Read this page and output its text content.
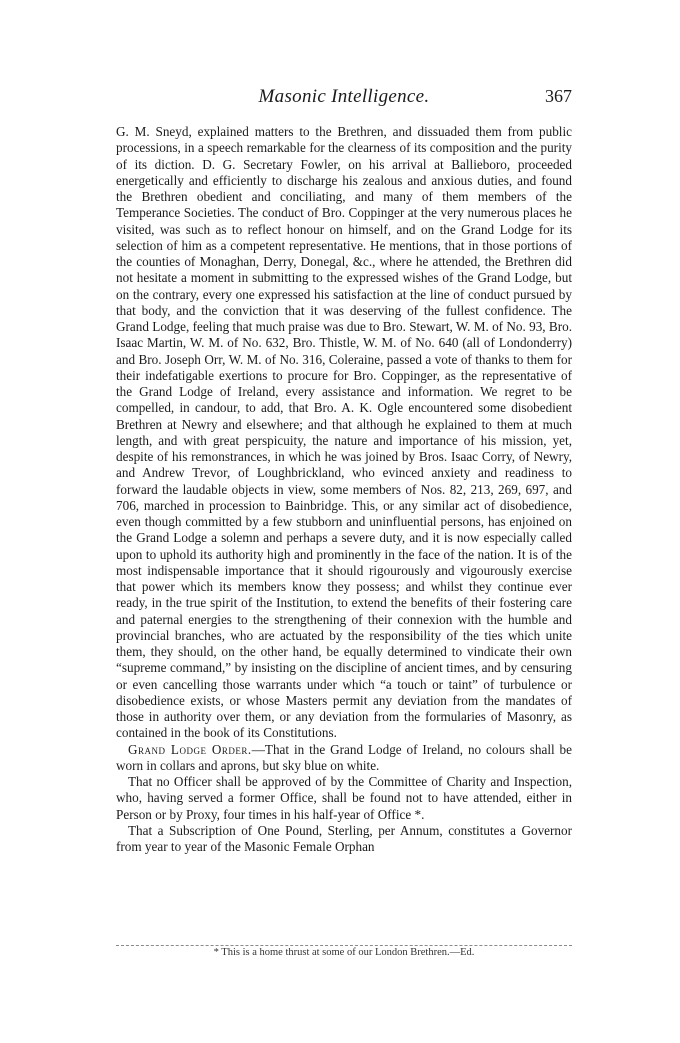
Masonic Intelligence.	367

G. M. Sneyd, explained matters to the Brethren, and dissuaded them from public processions, in a speech remarkable for the clearness of its composition and the purity of its diction. D. G. Secretary Fowler, on his arrival at Ballieboro, proceeded energetically and efficiently to discharge his zealous and anxious duties, and found the Brethren obedient and conciliating, and many of them members of the Temperance Societies. The conduct of Bro. Coppinger at the very numerous places he visited, was such as to reflect honour on himself, and on the Grand Lodge for its selection of him as a competent representative. He mentions, that in those portions of the counties of Monaghan, Derry, Donegal, &c., where he attended, the Brethren did not hesitate a moment in submitting to the expressed wishes of the Grand Lodge, but on the contrary, every one expressed his satisfaction at the line of conduct pursued by that body, and the conviction that it was deserving of the fullest confidence. The Grand Lodge, feeling that much praise was due to Bro. Stewart, W. M. of No. 93, Bro. Isaac Martin, W. M. of No. 632, Bro. Thistle, W. M. of No. 640 (all of Londonderry) and Bro. Joseph Orr, W. M. of No. 316, Coleraine, passed a vote of thanks to them for their indefatigable exertions to procure for Bro. Coppinger, as the representative of the Grand Lodge of Ireland, every assistance and information. We regret to be compelled, in candour, to add, that Bro. A. K. Ogle encountered some disobedient Brethren at Newry and elsewhere; and that although he explained to them at much length, and with great perspicuity, the nature and importance of his mission, yet, despite of his remonstrances, in which he was joined by Bros. Isaac Corry, of Newry, and Andrew Trevor, of Loughbrickland, who evinced anxiety and readiness to forward the laudable objects in view, some members of Nos. 82, 213, 269, 697, and 706, marched in procession to Bainbridge. This, or any similar act of disobedience, even though committed by a few stubborn and uninfluential persons, has enjoined on the Grand Lodge a solemn and perhaps a severe duty, and it is now especially called upon to uphold its authority high and prominently in the face of the nation. It is of the most indispensable importance that it should rigourously and vigourously exercise that power which its members know they possess; and whilst they continue ever ready, in the true spirit of the Institution, to extend the benefits of their fostering care and paternal energies to the strengthening of their connexion with the humble and provincial branches, who are actuated by the responsibility of the ties which unite them, they should, on the other hand, be equally determined to vindicate their own “supreme command,” by insisting on the discipline of ancient times, and by censuring or even cancelling those warrants under which “a touch or taint” of turbulence or disobedience exists, or whose Masters permit any deviation from the mandates of those in authority over them, or any deviation from the formularies of Masonry, as contained in the book of its Constitutions.

Grand Lodge Order.—That in the Grand Lodge of Ireland, no colours shall be worn in collars and aprons, but sky blue on white.

That no Officer shall be approved of by the Committee of Charity and Inspection, who, having served a former Office, shall be found not to have attended, either in Person or by Proxy, four times in his half-year of Office *.

That a Subscription of One Pound, Sterling, per Annum, constitutes a Governor from year to year of the Masonic Female Orphan

* This is a home thrust at some of our London Brethren.—Ed.
